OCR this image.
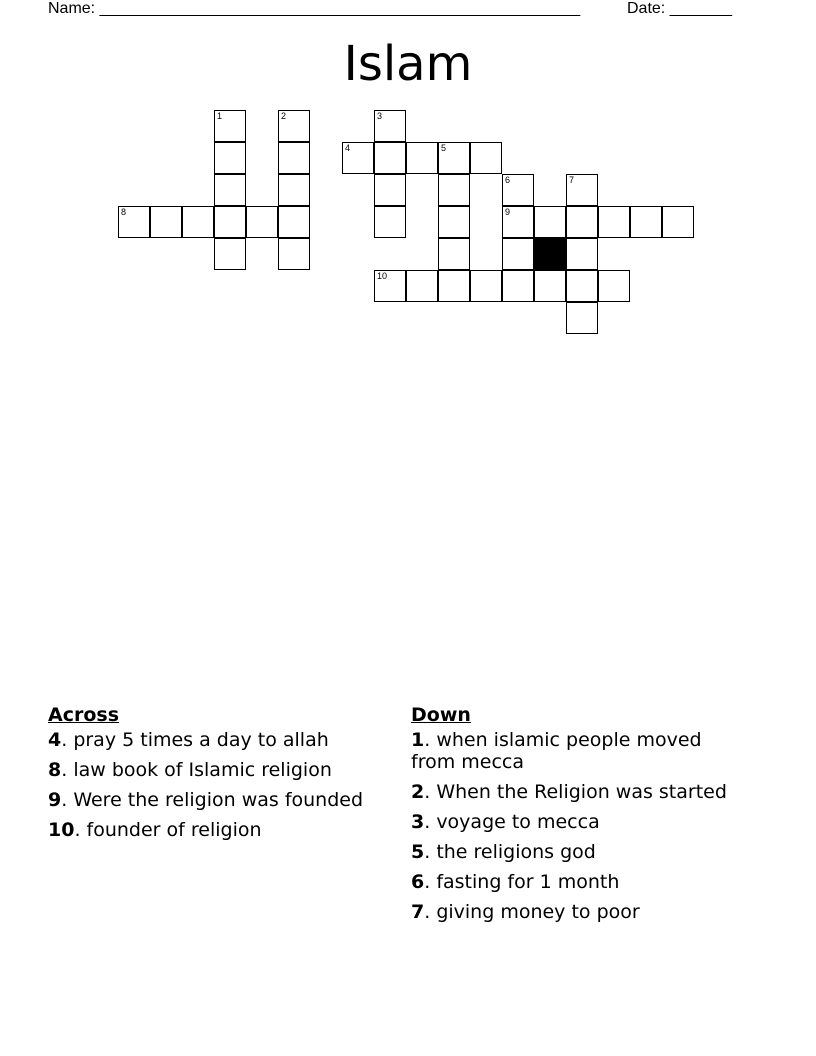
Name: ______________________________________________________	Date: _______
Islam
1	2	3
4	5
6	7
8	9
10
Across
4. pray 5 times a day to allah
8. law book of Islamic religion
9. Were the religion was founded
10. founder of religion
Down
1. when islamic people moved from mecca
2. When the Religion was started
3. voyage to mecca
5. the religions god
6. fasting for 1 month
7. giving money to poor
